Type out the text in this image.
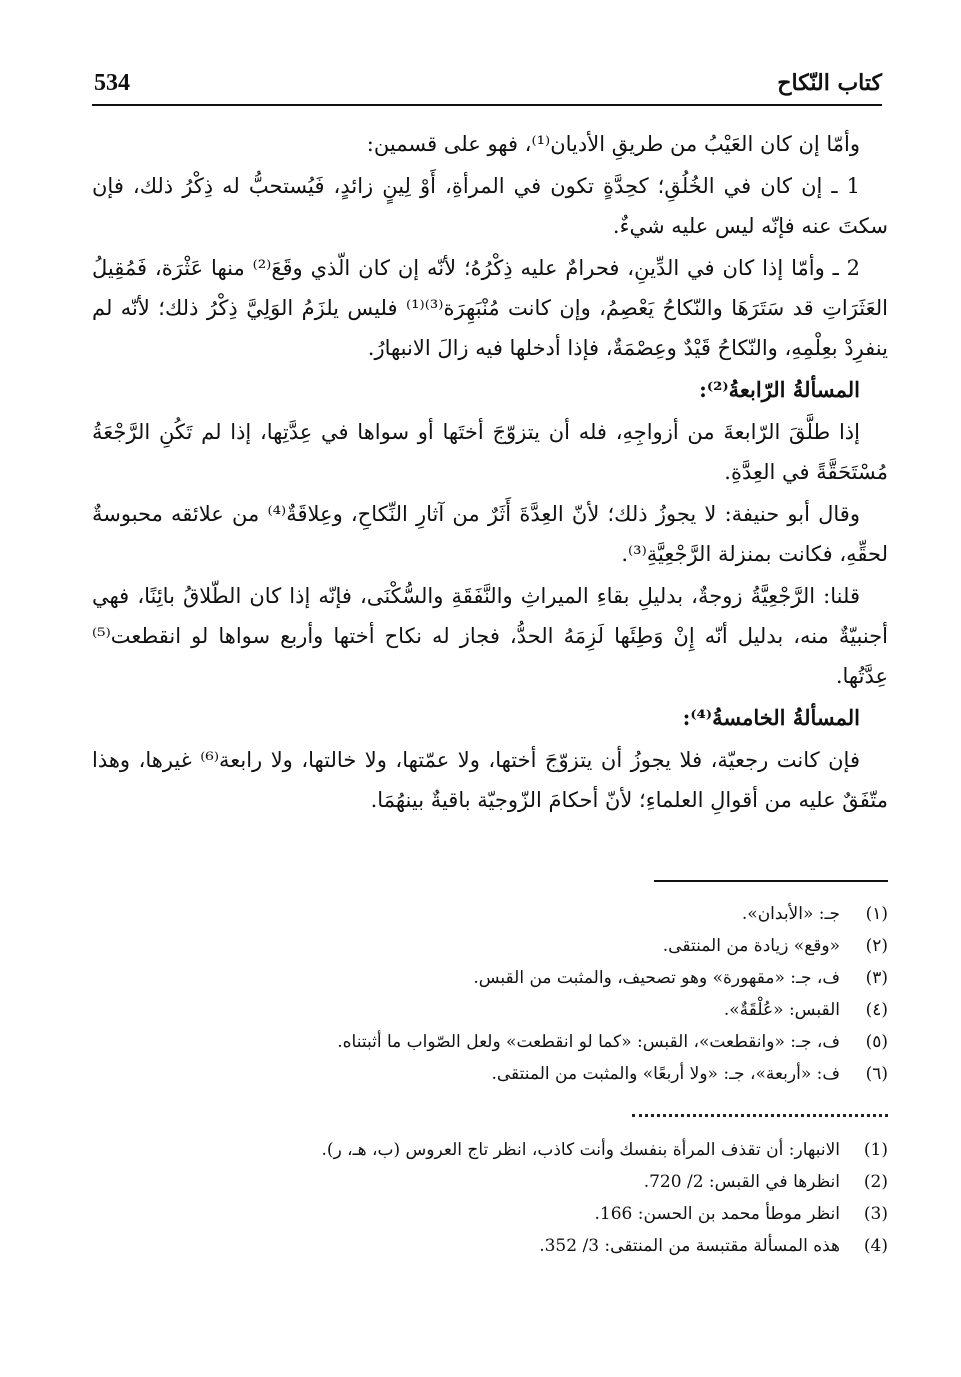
534	كتاب النّكاح

وأمّا إن كان العَيْبُ من طريقِ الأديان⁽¹⁾، فهو على قسمين:

1 ـ إن كان في الخُلُقِ؛ كحِدَّةٍ تكون في المرأةِ، أَوْ لِينٍ زائدٍ، فَيُستحبُّ له ذِكْرُ ذلك، فإن سكتَ عنه فإنّه ليس عليه شيءٌ.

2 ـ وأمّا إذا كان في الدِّينِ، فحرامٌ عليه ذِكْرُهُ؛ لأنّه إن كان الّذي وقَعَ⁽²⁾ منها عَثْرَة، فَمُقِيلُ العَثَرَاتِ قد سَتَرَهَا والنّكاحُ يَعْصِمُ، وإن كانت مُنْبَهِرَة⁽³⁾⁽¹⁾ فليس يلزَمُ الوَلِيَّ ذِكْرُ ذلك؛ لأنّه لم ينفرِدْ بعِلْمِهِ، والنّكاحُ قَيْدٌ وعِصْمَةٌ، فإذا أدخلها فيه زالَ الانبهارُ.

المسألةُ الرّابعةُ⁽²⁾:

إذا طلَّقَ الرّابعةَ من أزواجِهِ، فله أن يتزوّجَ أختَها أو سواها في عِدَّتِها، إذا لم تَكُنِ الرَّجْعَةُ مُسْتَحَقَّةً في العِدَّةِ.

وقال أبو حنيفة: لا يجوزُ ذلك؛ لأنّ العِدَّةَ أَثَرٌ من آثارِ النِّكاحِ، وعِلاقَةٌ⁽⁴⁾ من علائقه محبوسةٌ لحقِّهِ، فكانت بمنزلة الرَّجْعِيَّةِ⁽³⁾.

قلنا: الرَّجْعِيَّةُ زوجةٌ، بدليلِ بقاءِ الميراثِ والنَّفَقَةِ والسُّكْنَى، فإنّه إذا كان الطّلاقُ بائِنًا، فهي أجنبيّةٌ منه، بدليل أنّه إِنْ وَطِئَها لَزِمَهُ الحدُّ، فجاز له نكاح أختها وأربع سواها لو انقطعت⁽⁵⁾ عِدَّتُها.

المسألةُ الخامسةُ⁽⁴⁾:

فإن كانت رجعيّة، فلا يجوزُ أن يتزوّجَ أختها، ولا عمّتها، ولا خالتها، ولا رابعة⁽⁶⁾ غيرها، وهذا متّفَقٌ عليه من أقوالِ العلماءِ؛ لأنّ أحكامَ الزّوجيّة باقيةٌ بينهُمَا.

(١)
جـ: «الأبدان».
(٢)
«وقع» زيادة من المنتقى.
(٣)
ف، جـ: «مقهورة» وهو تصحيف، والمثبت من القبس.
(٤)
القبس: «عُلْقَةٌ».
(٥)
ف، جـ: «وانقطعت»، القبس: «كما لو انقطعت» ولعل الصّواب ما أثبتناه.
(٦)
ف: «أربعة»، جـ: «ولا أربعًا» والمثبت من المنتقى.
(1)
الانبهار: أن تقذف المرأة بنفسك وأنت كاذب، انظر تاج العروس (ب، هـ، ر).
(2)
انظرها في القبس: 2/ 720.
(3)
انظر موطأ محمد بن الحسن: 166.
(4)
هذه المسألة مقتبسة من المنتقى: 3/ 352.
